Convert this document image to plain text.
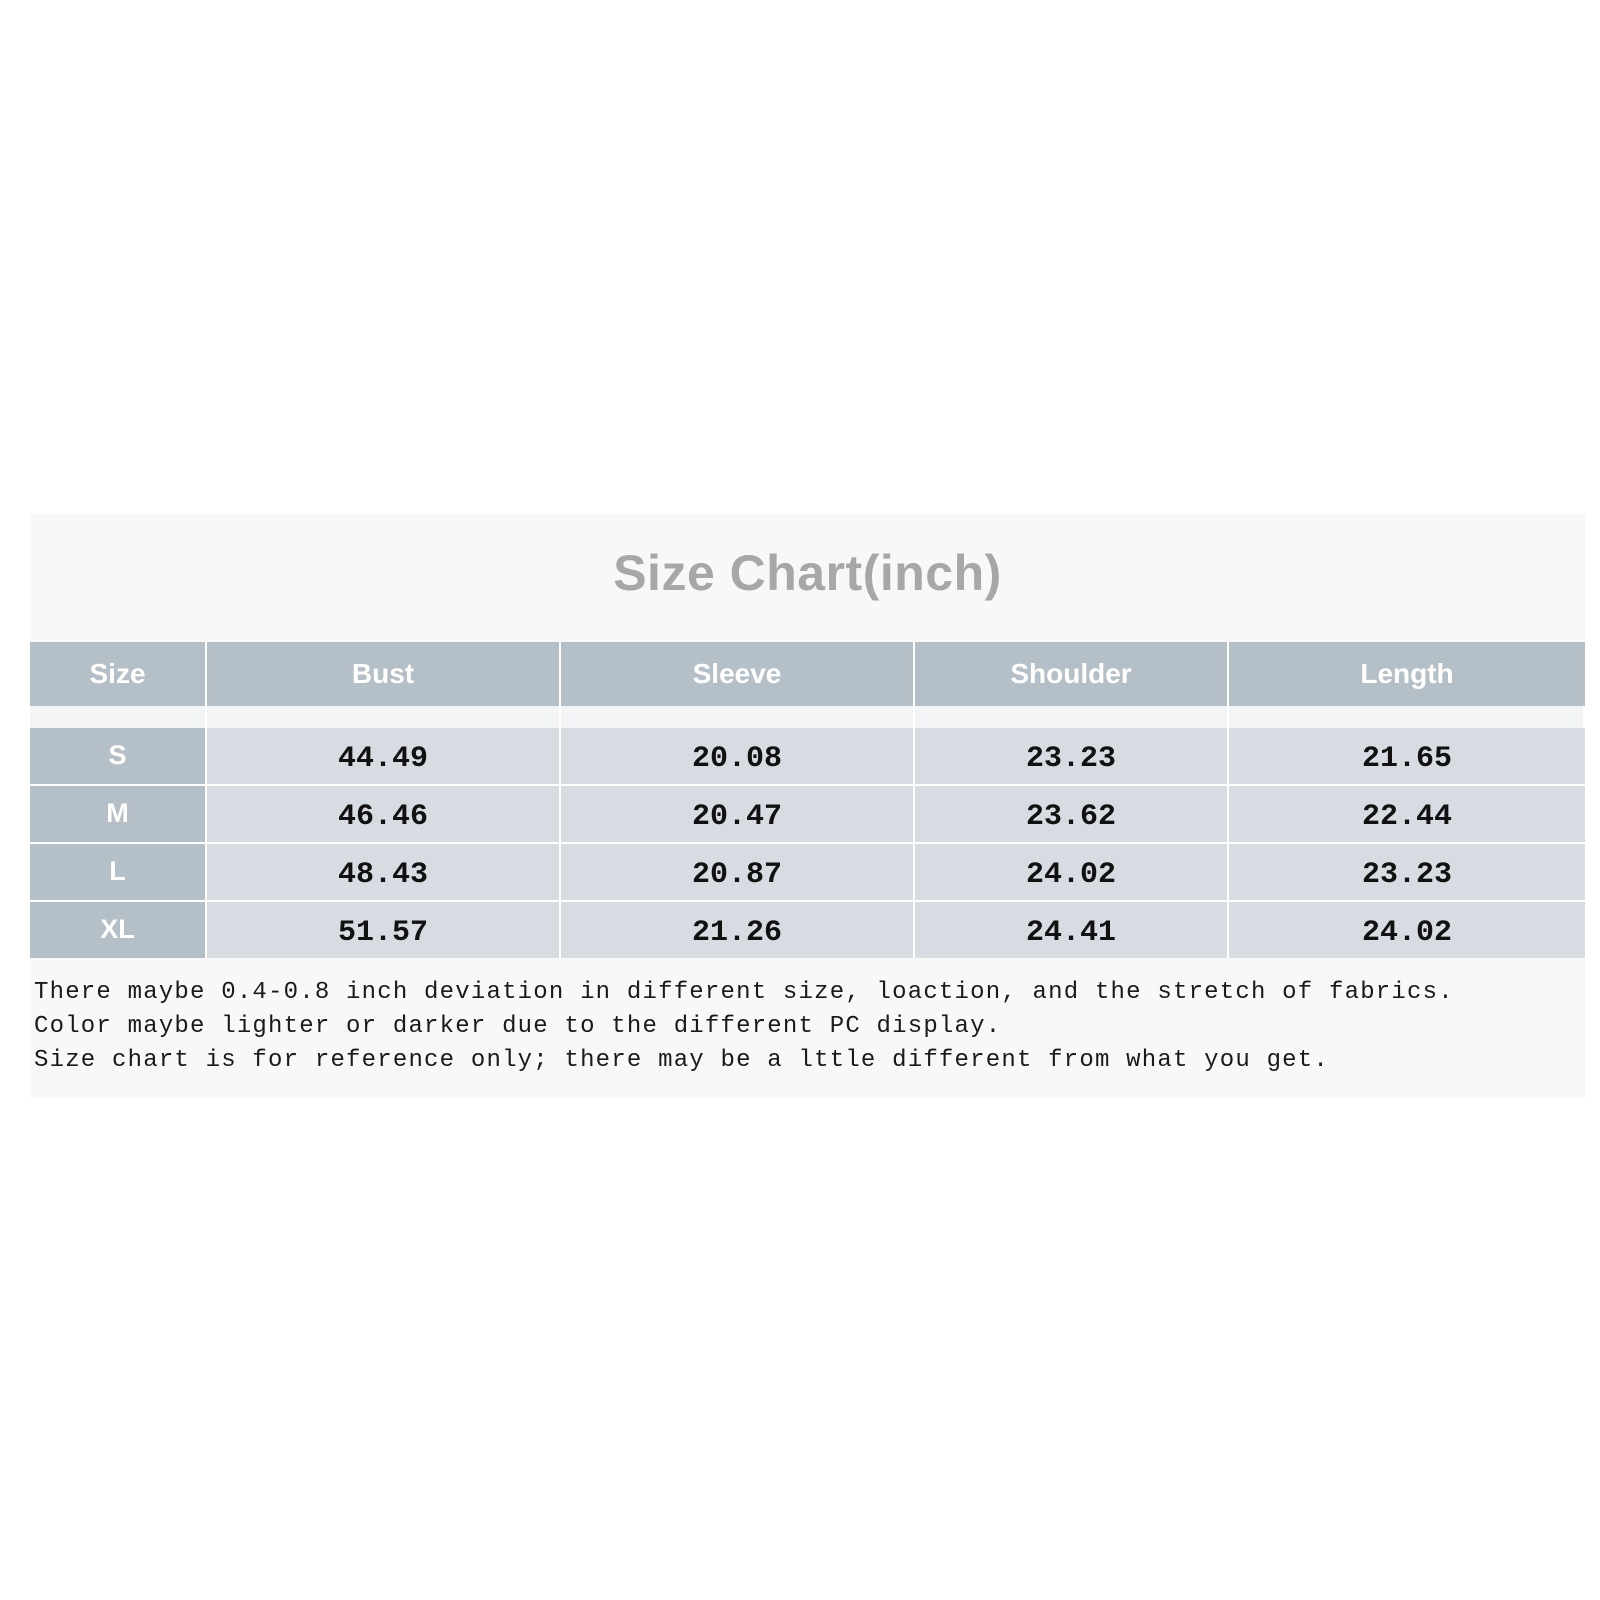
Size Chart(inch)
Size	Bust	Sleeve	Shoulder	Length
S	44.49	20.08	23.23	21.65
M	46.46	20.47	23.62	22.44
L	48.43	20.87	24.02	23.23
XL	51.57	21.26	24.41	24.02
There maybe 0.4-0.8 inch deviation in different size, loaction, and the stretch of fabrics.
Color maybe lighter or darker due to the different PC display.
Size chart is for reference only; there may be a lttle different from what you get.
